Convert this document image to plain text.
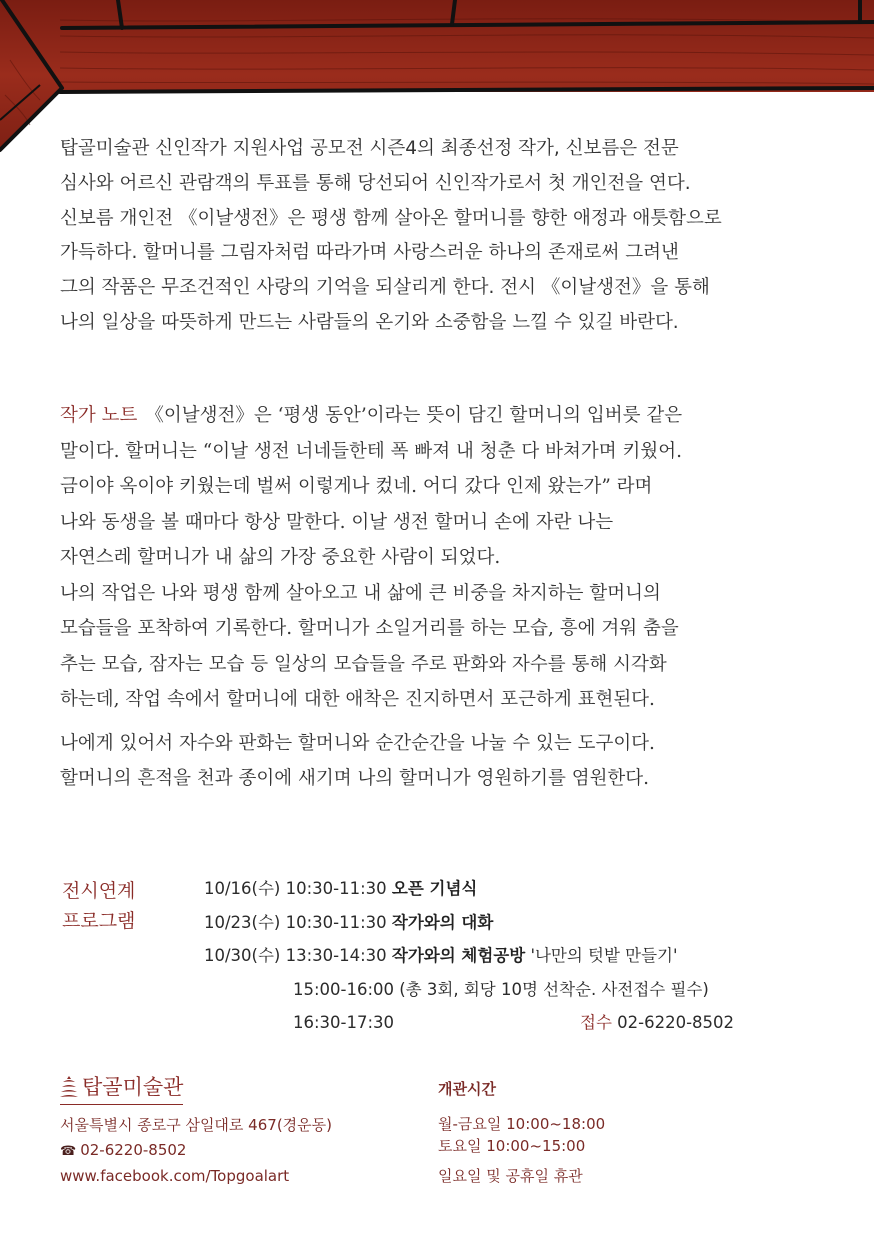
탑골미술관 신인작가 지원사업 공모전 시즌4의 최종선정 작가, 신보름은 전문

심사와 어르신 관람객의 투표를 통해 당선되어 신인작가로서 첫 개인전을 연다.

신보름 개인전 《이날생전》은 평생 함께 살아온 할머니를 향한 애정과 애틋함으로

가득하다. 할머니를 그림자처럼 따라가며 사랑스러운 하나의 존재로써 그려낸

그의 작품은 무조건적인 사랑의 기억을 되살리게 한다. 전시 《이날생전》을 통해

나의 일상을 따뜻하게 만드는 사람들의 온기와 소중함을 느낄 수 있길 바란다.

작가 노트 《이날생전》은 ‘평생 동안’이라는 뜻이 담긴 할머니의 입버릇 같은

말이다. 할머니는 “이날 생전 너네들한테 폭 빠져 내 청춘 다 바쳐가며 키웠어.

금이야 옥이야 키웠는데 벌써 이렇게나 컸네. 어디 갔다 인제 왔는가” 라며

나와 동생을 볼 때마다 항상 말한다. 이날 생전 할머니 손에 자란 나는

자연스레 할머니가 내 삶의 가장 중요한 사람이 되었다.

나의 작업은 나와 평생 함께 살아오고 내 삶에 큰 비중을 차지하는 할머니의

모습들을 포착하여 기록한다. 할머니가 소일거리를 하는 모습, 흥에 겨워 춤을

추는 모습, 잠자는 모습 등 일상의 모습들을 주로 판화와 자수를 통해 시각화

하는데, 작업 속에서 할머니에 대한 애착은 진지하면서 포근하게 표현된다.

나에게 있어서 자수와 판화는 할머니와 순간순간을 나눌 수 있는 도구이다.

할머니의 흔적을 천과 종이에 새기며 나의 할머니가 영원하기를 염원한다.

전시연계
프로그램
10/16(수) 10:30-11:30 오픈 기념식
10/23(수) 10:30-11:30 작가와의 대화
10/30(수) 13:30-14:30 작가와의 체험공방 '나만의 텃밭 만들기'
15:00-16:00 (총 3회, 회당 10명 선착순. 사전접수 필수)
16:30-17:30	접수 02-6220-8502
탑골미술관
서울특별시 종로구 삼일대로 467(경운동)
☎ 02-6220-8502
www.facebook.com/Topgoalart
개관시간
월-금요일 10:00~18:00
토요일 10:00~15:00
일요일 및 공휴일 휴관
